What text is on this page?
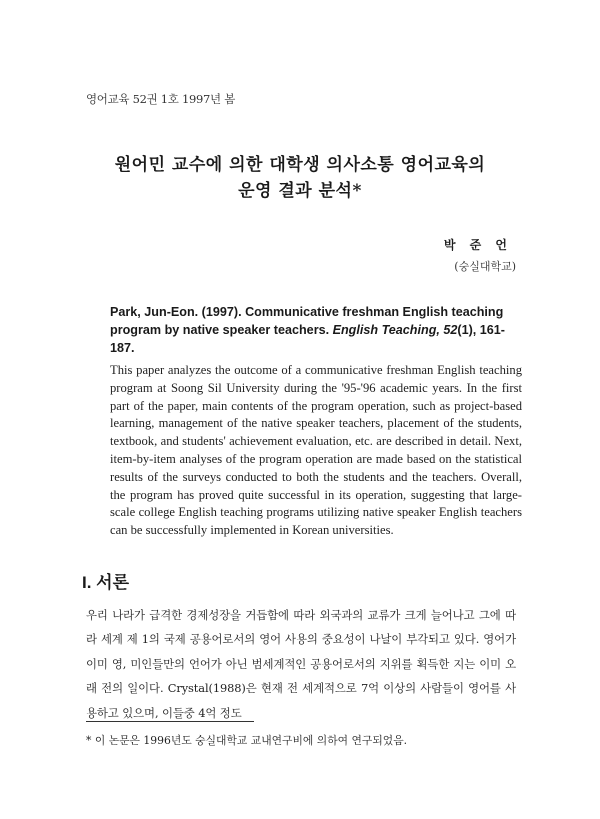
영어교육 52권 1호 1997년 봄
원어민 교수에 의한 대학생 의사소통 영어교육의
운영 결과 분석*
박 준 언
(숭실대학교)
Park, Jun-Eon. (1997). Communicative freshman English teaching program by native speaker teachers. English Teaching, 52(1), 161-187.
This paper analyzes the outcome of a communicative freshman English teaching program at Soong Sil University during the '95-'96 academic years. In the first part of the paper, main contents of the program operation, such as project-based learning, management of the native speaker teachers, placement of the students, textbook, and students' achievement evaluation, etc. are described in detail. Next, item-by-item analyses of the program operation are made based on the statistical results of the surveys conducted to both the students and the teachers. Overall, the program has proved quite successful in its operation, suggesting that large-scale college English teaching programs utilizing native speaker English teachers can be successfully implemented in Korean universities.
I. 서론
우리 나라가 급격한 경제성장을 거듭함에 따라 외국과의 교류가 크게 늘어나고 그에 따라 세계 제 1의 국제 공용어로서의 영어 사용의 중요성이 나날이 부각되고 있다. 영어가 이미 영, 미인들만의 언어가 아닌 범세계적인 공용어로서의 지위를 획득한 지는 이미 오래 전의 일이다. Crystal(1988)은 현재 전 세계적으로 7억 이상의 사람들이 영어를 사용하고 있으며, 이들중 4억 정도
* 이 논문은 1996년도 숭실대학교 교내연구비에 의하여 연구되었음.
